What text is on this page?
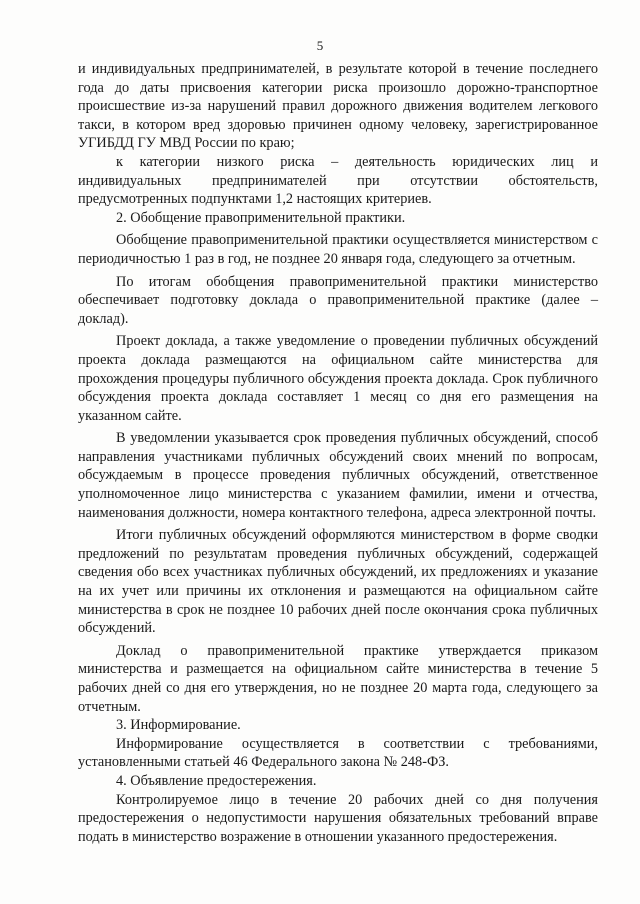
5

и индивидуальных предпринимателей, в результате которой в течение последнего года до даты присвоения категории риска произошло дорожно-транспортное происшествие из-за нарушений правил дорожного движения водителем легкового такси, в котором вред здоровью причинен одному человеку, зарегистрированное УГИБДД ГУ МВД России по краю;

к категории низкого риска – деятельность юридических лиц и индивидуальных предпринимателей при отсутствии обстоятельств, предусмотренных подпунктами 1,2 настоящих критериев.

2. Обобщение правоприменительной практики.

Обобщение правоприменительной практики осуществляется министерством с периодичностью 1 раз в год, не позднее 20 января года, следующего за отчетным.

По итогам обобщения правоприменительной практики министерство обеспечивает подготовку доклада о правоприменительной практике (далее – доклад).

Проект доклада, а также уведомление о проведении публичных обсуждений проекта доклада размещаются на официальном сайте министерства для прохождения процедуры публичного обсуждения проекта доклада. Срок публичного обсуждения проекта доклада составляет 1 месяц со дня его размещения на указанном сайте.

В уведомлении указывается срок проведения публичных обсуждений, способ направления участниками публичных обсуждений своих мнений по вопросам, обсуждаемым в процессе проведения публичных обсуждений, ответственное уполномоченное лицо министерства с указанием фамилии, имени и отчества, наименования должности, номера контактного телефона, адреса электронной почты.

Итоги публичных обсуждений оформляются министерством в форме сводки предложений по результатам проведения публичных обсуждений, содержащей сведения обо всех участниках публичных обсуждений, их предложениях и указание на их учет или причины их отклонения и размещаются на официальном сайте министерства в срок не позднее 10 рабочих дней после окончания срока публичных обсуждений.

Доклад о правоприменительной практике утверждается приказом министерства и размещается на официальном сайте министерства в течение 5 рабочих дней со дня его утверждения, но не позднее 20 марта года, следующего за отчетным.

3. Информирование.

Информирование осуществляется в соответствии с требованиями, установленными статьей 46 Федерального закона № 248-ФЗ.

4. Объявление предостережения.

Контролируемое лицо в течение 20 рабочих дней со дня получения предостережения о недопустимости нарушения обязательных требований вправе подать в министерство возражение в отношении указанного предостережения.
